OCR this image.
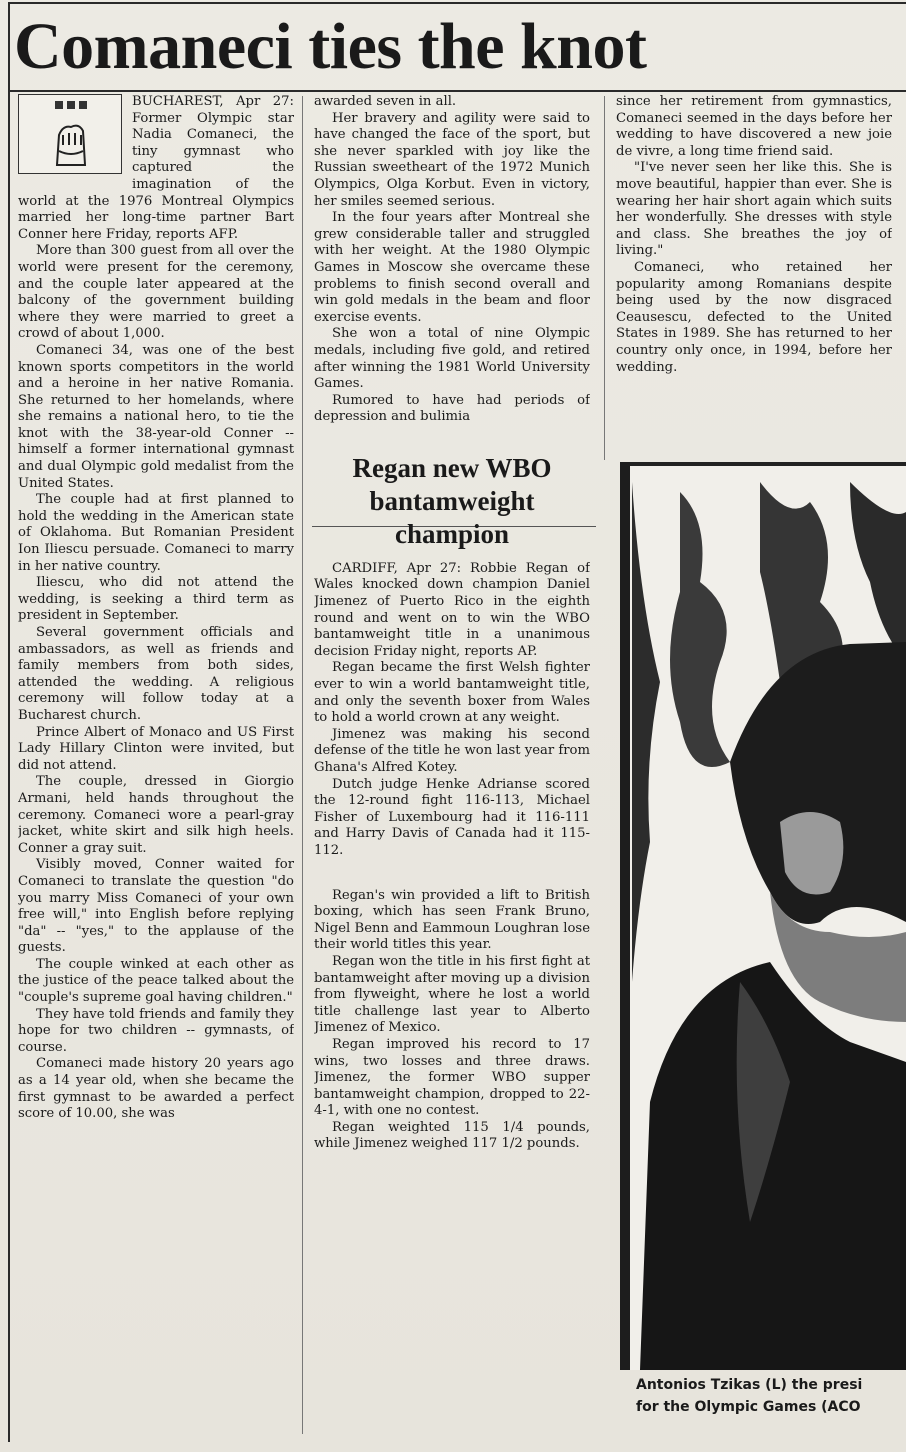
Comaneci ties the knot

BUCHAREST, Apr 27: Former Olympic star Nadia Comaneci, the tiny gymnast who captured the imagination of the world at the 1976 Montreal Olympics married her long-time partner Bart Conner here Friday, reports AFP.

More than 300 guest from all over the world were present for the ceremony, and the couple later appeared at the balcony of the government building where they were married to greet a crowd of about 1,000.

Comaneci 34, was one of the best known sports competitors in the world and a heroine in her native Romania. She returned to her homelands, where she remains a national hero, to tie the knot with the 38-year-old Conner -- himself a former international gymnast and dual Olympic gold medalist from the United States.

The couple had at first planned to hold the wedding in the American state of Oklahoma. But Romanian President Ion Iliescu persuade. Comaneci to marry in her native country.

Iliescu, who did not attend the wedding, is seeking a third term as president in September.

Several government officials and ambassadors, as well as friends and family members from both sides, attended the wedding. A religious ceremony will follow today at a Bucharest church.

Prince Albert of Monaco and US First Lady Hillary Clinton were invited, but did not attend.

The couple, dressed in Giorgio Armani, held hands throughout the ceremony. Comaneci wore a pearl-gray jacket, white skirt and silk high heels. Conner a gray suit.

Visibly moved, Conner waited for Comaneci to translate the question "do you marry Miss Comaneci of your own free will," into English before replying "da" -- "yes," to the applause of the guests.

The couple winked at each other as the justice of the peace talked about the "couple's supreme goal having children."

They have told friends and family they hope for two children -- gymnasts, of course.

Comaneci made history 20 years ago as a 14 year old, when she became the first gymnast to be awarded a perfect score of 10.00, she was

awarded seven in all.

Her bravery and agility were said to have changed the face of the sport, but she never sparkled with joy like the Russian sweetheart of the 1972 Munich Olympics, Olga Korbut. Even in victory, her smiles seemed serious.

In the four years after Montreal she grew considerable taller and struggled with her weight. At the 1980 Olympic Games in Moscow she overcame these problems to finish second overall and win gold medals in the beam and floor exercise events.

She won a total of nine Olympic medals, including five gold, and retired after winning the 1981 World University Games.

Rumored to have had periods of depression and bulimia

Regan new WBO bantamweight champion

CARDIFF, Apr 27: Robbie Regan of Wales knocked down champion Daniel Jimenez of Puerto Rico in the eighth round and went on to win the WBO bantamweight title in a unanimous decision Friday night, reports AP.

Regan became the first Welsh fighter ever to win a world bantamweight title, and only the seventh boxer from Wales to hold a world crown at any weight.

Jimenez was making his second defense of the title he won last year from Ghana's Alfred Kotey.

Dutch judge Henke Adrianse scored the 12-round fight 116-113, Michael Fisher of Luxembourg had it 116-111 and Harry Davis of Canada had it 115-112.

Regan's win provided a lift to British boxing, which has seen Frank Bruno, Nigel Benn and Eammoun Loughran lose their world titles this year.

Regan won the title in his first fight at bantamweight after moving up a division from flyweight, where he lost a world title challenge last year to Alberto Jimenez of Mexico.

Regan improved his record to 17 wins, two losses and three draws. Jimenez, the former WBO supper bantamweight champion, dropped to 22-4-1, with one no contest.

Regan weighted 115 1/4 pounds, while Jimenez weighed 117 1/2 pounds.

since her retirement from gymnastics, Comaneci seemed in the days before her wedding to have discovered a new joie de vivre, a long time friend said.

"I've never seen her like this. She is move beautiful, happier than ever. She is wearing her hair short again which suits her wonderfully. She dresses with style and class. She breathes the joy of living."

Comaneci, who retained her popularity among Romanians despite being used by the now disgraced Ceausescu, defected to the United States in 1989. She has returned to her country only once, in 1994, before her wedding.

Antonios Tzikas (L) the presi
for the Olympic Games (ACO
